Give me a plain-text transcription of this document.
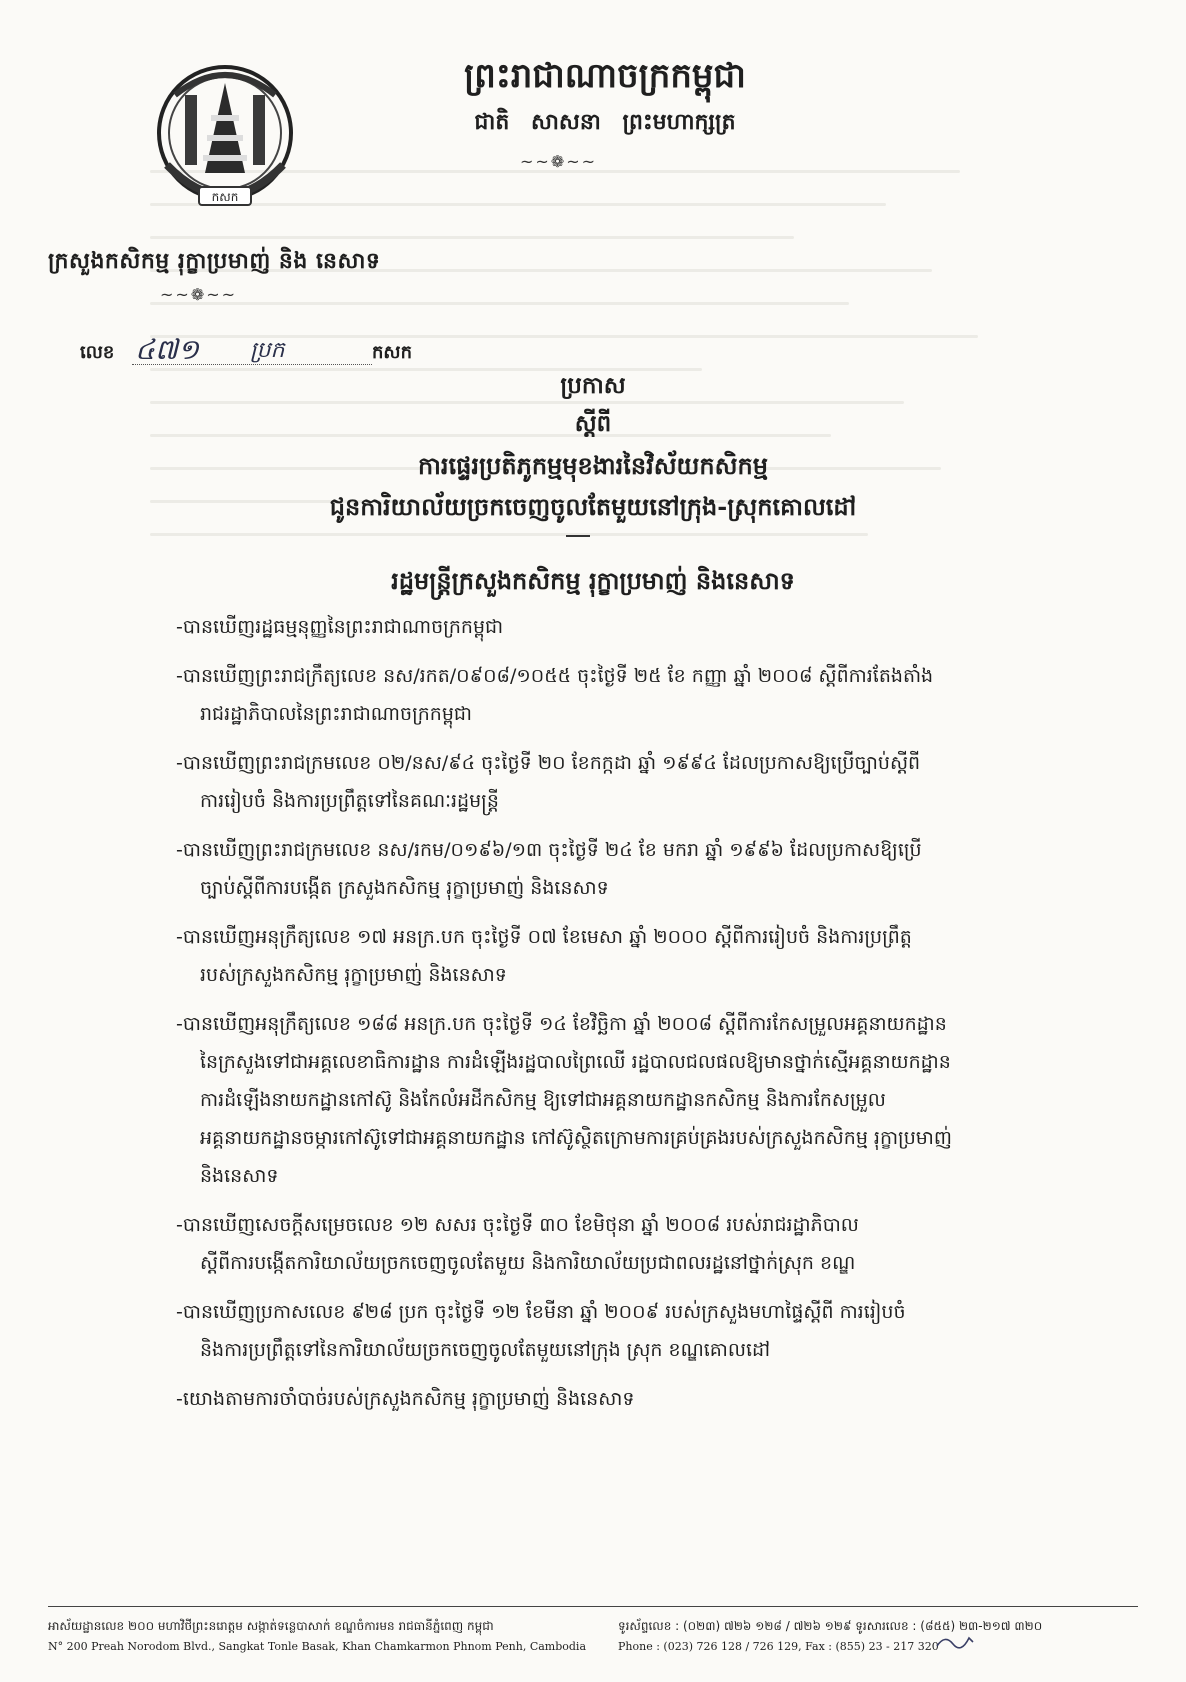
កសក
ក្រសួងកសិកម្ម រុក្ខាប្រមាញ់ និង នេសាទ
~~❁~~
ព្រះរាជាណាចក្រកម្ពុជា
ជាតិ សាសនា ព្រះមហាក្សត្រ
~~❁~~
លេខ ៤៧១ ប្រក	កសក
ប្រកាស
ស្តីពី
ការផ្ទេរប្រតិភូកម្មមុខងារនៃវិស័យកសិកម្ម
ជូនការិយាល័យច្រកចេញចូលតែមួយនៅក្រុង-ស្រុកគោលដៅ
រដ្ឋមន្ត្រីក្រសួងកសិកម្ម រុក្ខាប្រមាញ់ និងនេសាទ

-បានឃើញរដ្ឋធម្មនុញ្ញនៃព្រះរាជាណាចក្រកម្ពុជា

-បានឃើញព្រះរាជក្រឹត្យលេខ នស/រកត/០៩០៨/១០៥៥ ចុះថ្ងៃទី ២៥ ខែ កញ្ញា ឆ្នាំ ២០០៨ ស្តីពីការតែងតាំង

រាជរដ្ឋាភិបាលនៃព្រះរាជាណាចក្រកម្ពុជា

-បានឃើញព្រះរាជក្រមលេខ ០២/នស/៩៤ ចុះថ្ងៃទី ២០ ខែកក្កដា ឆ្នាំ ១៩៩៤ ដែលប្រកាសឱ្យប្រើច្បាប់ស្តីពី

ការរៀបចំ និងការប្រព្រឹត្តទៅនៃគណៈរដ្ឋមន្ត្រី

-បានឃើញព្រះរាជក្រមលេខ នស/រកម/០១៩៦/១៣ ចុះថ្ងៃទី ២៤ ខែ មករា ឆ្នាំ ១៩៩៦ ដែលប្រកាសឱ្យប្រើ

ច្បាប់ស្តីពីការបង្កើត ក្រសួងកសិកម្ម រុក្ខាប្រមាញ់ និងនេសាទ

-បានឃើញអនុក្រឹត្យលេខ ១៧ អនក្រ.បក ចុះថ្ងៃទី ០៧ ខែមេសា ឆ្នាំ ២០០០ ស្តីពីការរៀបចំ និងការប្រព្រឹត្ត

របស់ក្រសួងកសិកម្ម រុក្ខាប្រមាញ់ និងនេសាទ

-បានឃើញអនុក្រឹត្យលេខ ១៨៨ អនក្រ.បក ចុះថ្ងៃទី ១៤ ខែវិច្ឆិកា ឆ្នាំ ២០០៨ ស្តីពីការកែសម្រួលអគ្គនាយកដ្ឋាន

នៃក្រសួងទៅជាអគ្គលេខាធិការដ្ឋាន ការដំឡើងរដ្ឋបាលព្រៃឈើ រដ្ឋបាលជលផលឱ្យមានថ្នាក់ស្មើអគ្គនាយកដ្ឋាន

ការដំឡើងនាយកដ្ឋានកៅស៊ូ និងកែលំអដីកសិកម្ម ឱ្យទៅជាអគ្គនាយកដ្ឋានកសិកម្ម និងការកែសម្រួល

អគ្គនាយកដ្ឋានចម្ការកៅស៊ូទៅជាអគ្គនាយកដ្ឋាន កៅស៊ូស្ថិតក្រោមការគ្រប់គ្រងរបស់ក្រសួងកសិកម្ម រុក្ខាប្រមាញ់

និងនេសាទ

-បានឃើញសេចក្តីសម្រេចលេខ ១២ សសរ ចុះថ្ងៃទី ៣០ ខែមិថុនា ឆ្នាំ ២០០៨ របស់រាជរដ្ឋាភិបាល

ស្តីពីការបង្កើតការិយាល័យច្រកចេញចូលតែមួយ និងការិយាល័យប្រជាពលរដ្ឋនៅថ្នាក់ស្រុក ខណ្ឌ

-បានឃើញប្រកាសលេខ ៩២៨ ប្រក ចុះថ្ងៃទី ១២ ខែមីនា ឆ្នាំ ២០០៩ របស់ក្រសួងមហាផ្ទៃស្តីពី ការរៀបចំ

និងការប្រព្រឹត្តទៅនៃការិយាល័យច្រកចេញចូលតែមួយនៅក្រុង ស្រុក ខណ្ឌគោលដៅ

-យោងតាមការចាំបាច់របស់ក្រសួងកសិកម្ម រុក្ខាប្រមាញ់ និងនេសាទ

អាស័យដ្ឋានលេខ ២០០ មហាវិថីព្រះនរោត្តម សង្កាត់ទន្លេបាសាក់ ខណ្ឌចំការមន រាជធានីភ្នំពេញ កម្ពុជា
N° 200 Preah Norodom Blvd., Sangkat Tonle Basak, Khan Chamkarmon Phnom Penh, Cambodia
ទូរស័ព្ទលេខ : (០២៣) ៧២៦ ១២៨ / ៧២៦ ១២៩ ទូរសារលេខ : (៨៥៥) ២៣-២១៧ ៣២០
Phone : (023) 726 128 / 726 129, Fax : (855) 23 - 217 320
